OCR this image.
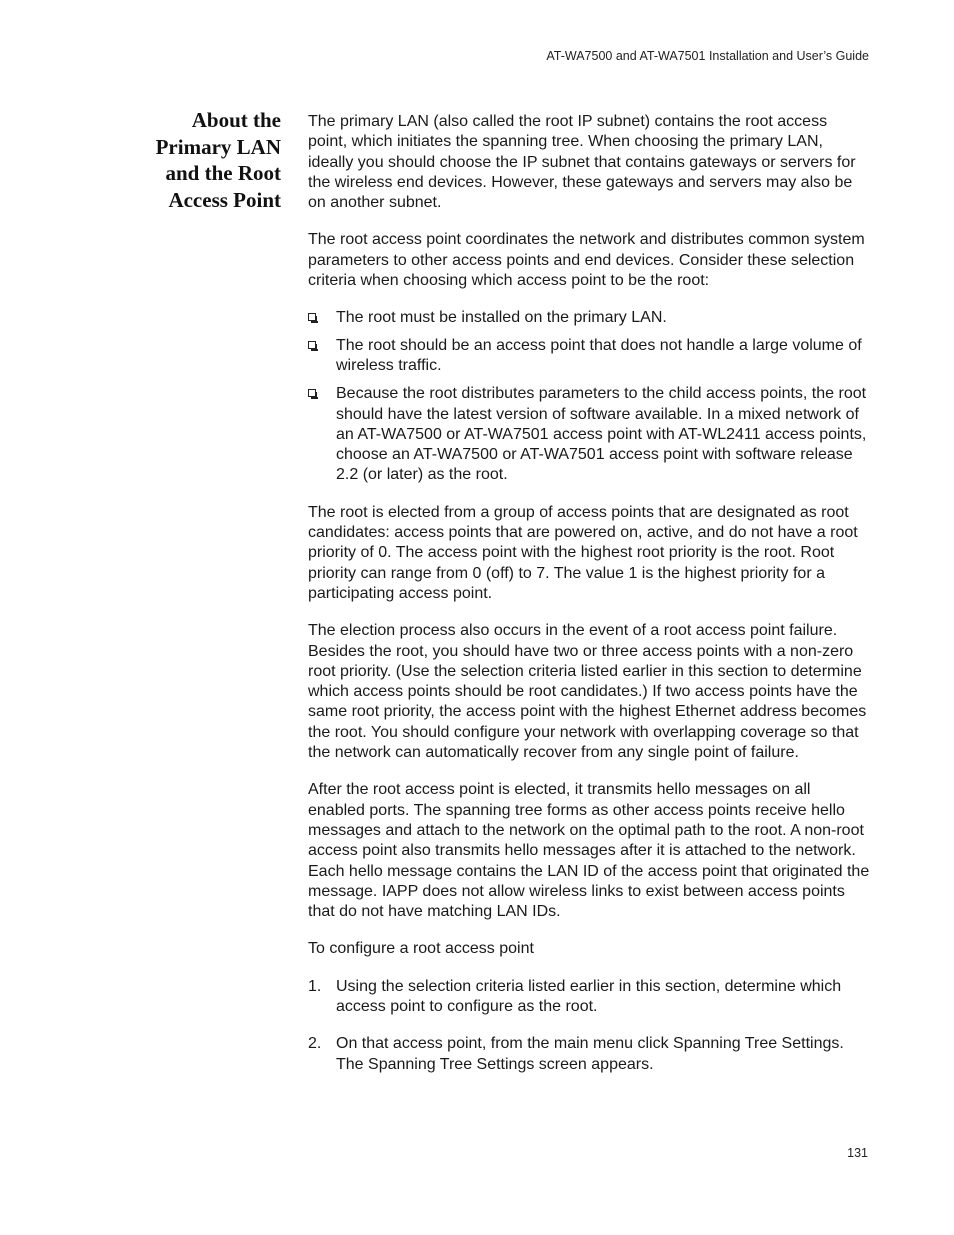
AT-WA7500 and AT-WA7501 Installation and User’s Guide
About the
Primary LAN
and the Root
Access Point

The primary LAN (also called the root IP subnet) contains the root access point, which initiates the spanning tree. When choosing the primary LAN, ideally you should choose the IP subnet that contains gateways or servers for the wireless end devices. However, these gateways and servers may also be on another subnet.

The root access point coordinates the network and distributes common system parameters to other access points and end devices. Consider these selection criteria when choosing which access point to be the root:

The root must be installed on the primary LAN.
The root should be an access point that does not handle a large volume of wireless traffic.
Because the root distributes parameters to the child access points, the root should have the latest version of software available. In a mixed network of an AT-WA7500 or AT-WA7501 access point with AT-WL2411 access points, choose an AT-WA7500 or AT-WA7501 access point with software release 2.2 (or later) as the root.

The root is elected from a group of access points that are designated as root candidates: access points that are powered on, active, and do not have a root priority of 0. The access point with the highest root priority is the root. Root priority can range from 0 (off) to 7. The value 1 is the highest priority for a participating access point.

The election process also occurs in the event of a root access point failure. Besides the root, you should have two or three access points with a non-zero root priority. (Use the selection criteria listed earlier in this section to determine which access points should be root candidates.) If two access points have the same root priority, the access point with the highest Ethernet address becomes the root. You should configure your network with overlapping coverage so that the network can automatically recover from any single point of failure.

After the root access point is elected, it transmits hello messages on all enabled ports. The spanning tree forms as other access points receive hello messages and attach to the network on the optimal path to the root. A non-root access point also transmits hello messages after it is attached to the network. Each hello message contains the LAN ID of the access point that originated the message. IAPP does not allow wireless links to exist between access points that do not have matching LAN IDs.

To configure a root access point

1. Using the selection criteria listed earlier in this section, determine which access point to configure as the root.
2. On that access point, from the main menu click Spanning Tree Settings. The Spanning Tree Settings screen appears.
131
